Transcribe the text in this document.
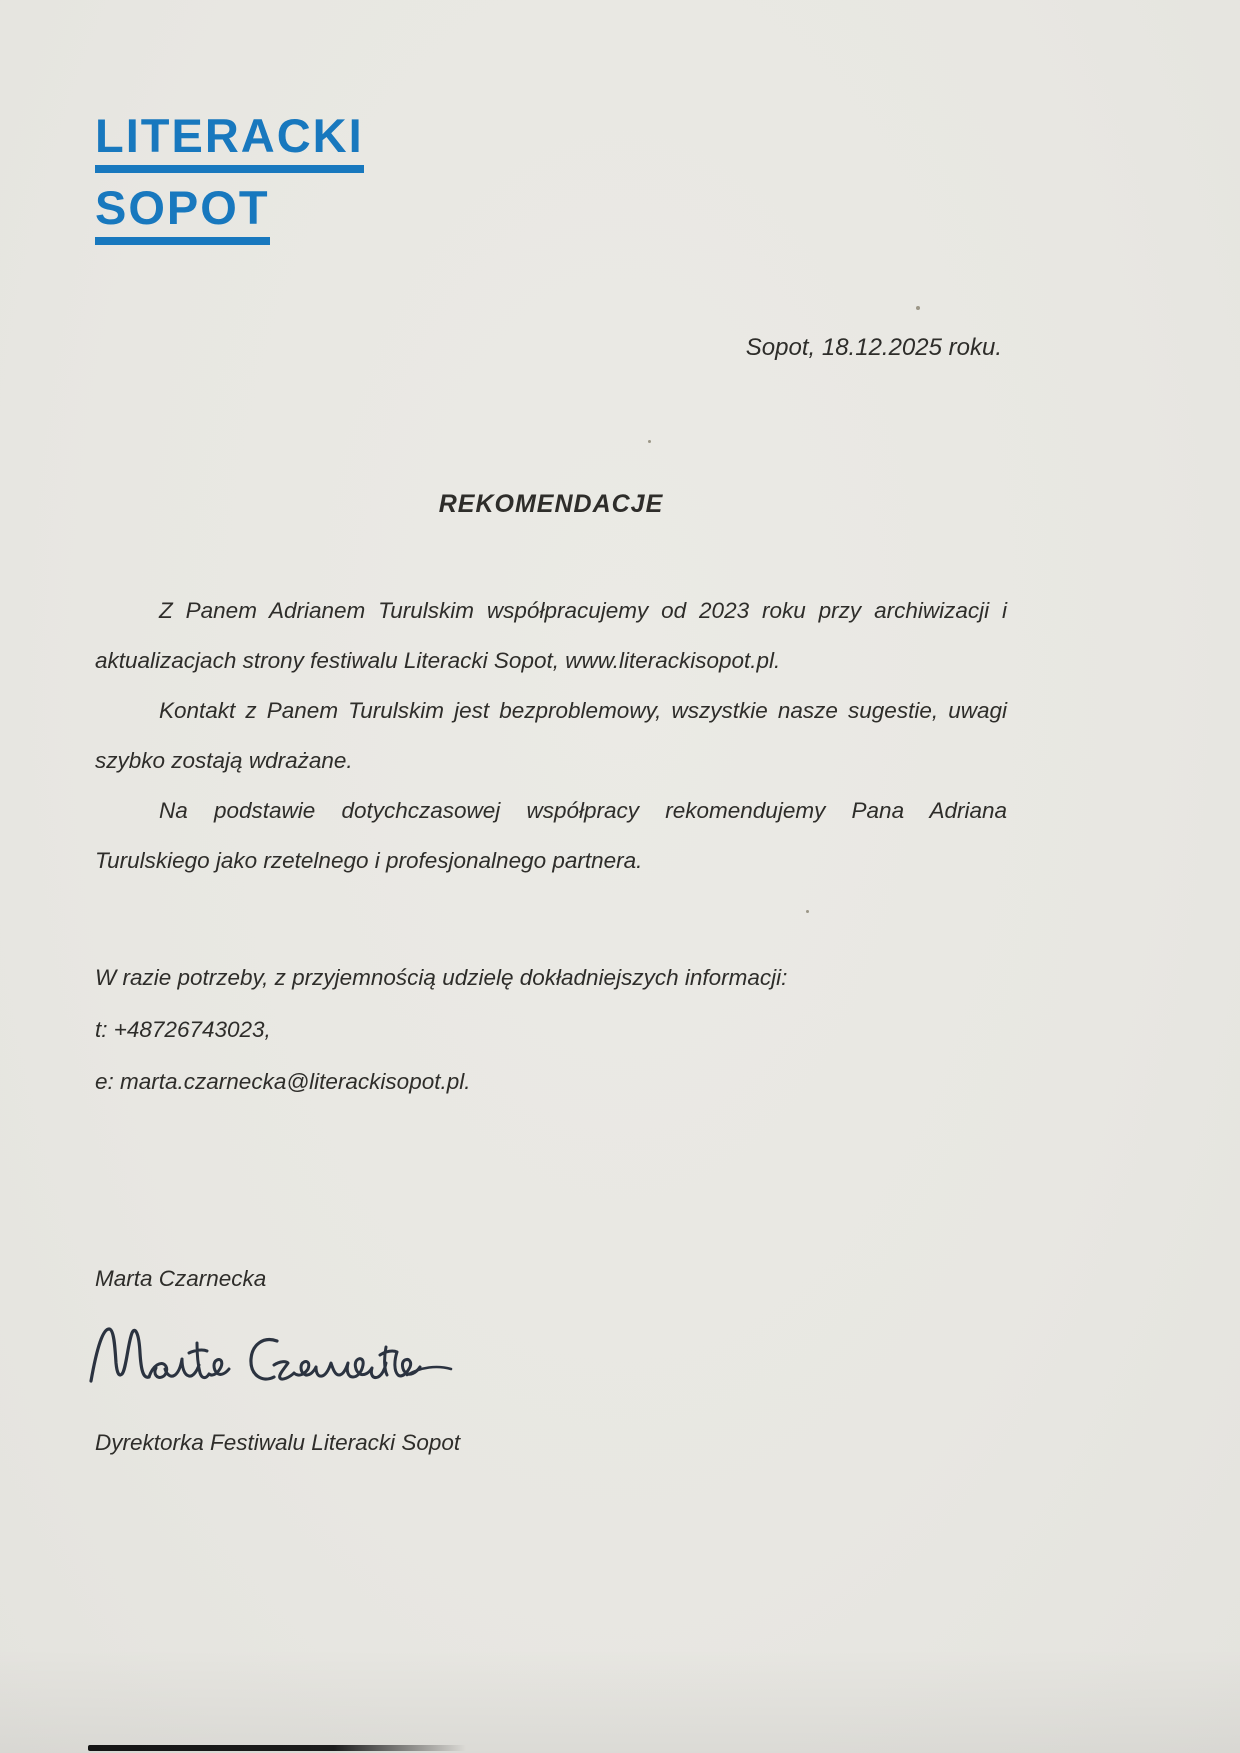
LITERACKI
SOPOT
Sopot, 18.12.2025 roku.
REKOMENDACJE

Z Panem Adrianem Turulskim współpracujemy od 2023 roku przy archiwizacji i aktualizacjach strony festiwalu Literacki Sopot, www.literackisopot.pl.

Kontakt z Panem Turulskim jest bezproblemowy, wszystkie nasze sugestie, uwagi szybko zostają wdrażane.

Na podstawie dotychczasowej współpracy rekomendujemy Pana Adriana Turulskiego jako rzetelnego i profesjonalnego partnera.

W razie potrzeby, z przyjemnością udzielę dokładniejszych informacji:
t: +48726743023,
e: marta.czarnecka@literackisopot.pl.
Marta Czarnecka
Dyrektorka Festiwalu Literacki Sopot
